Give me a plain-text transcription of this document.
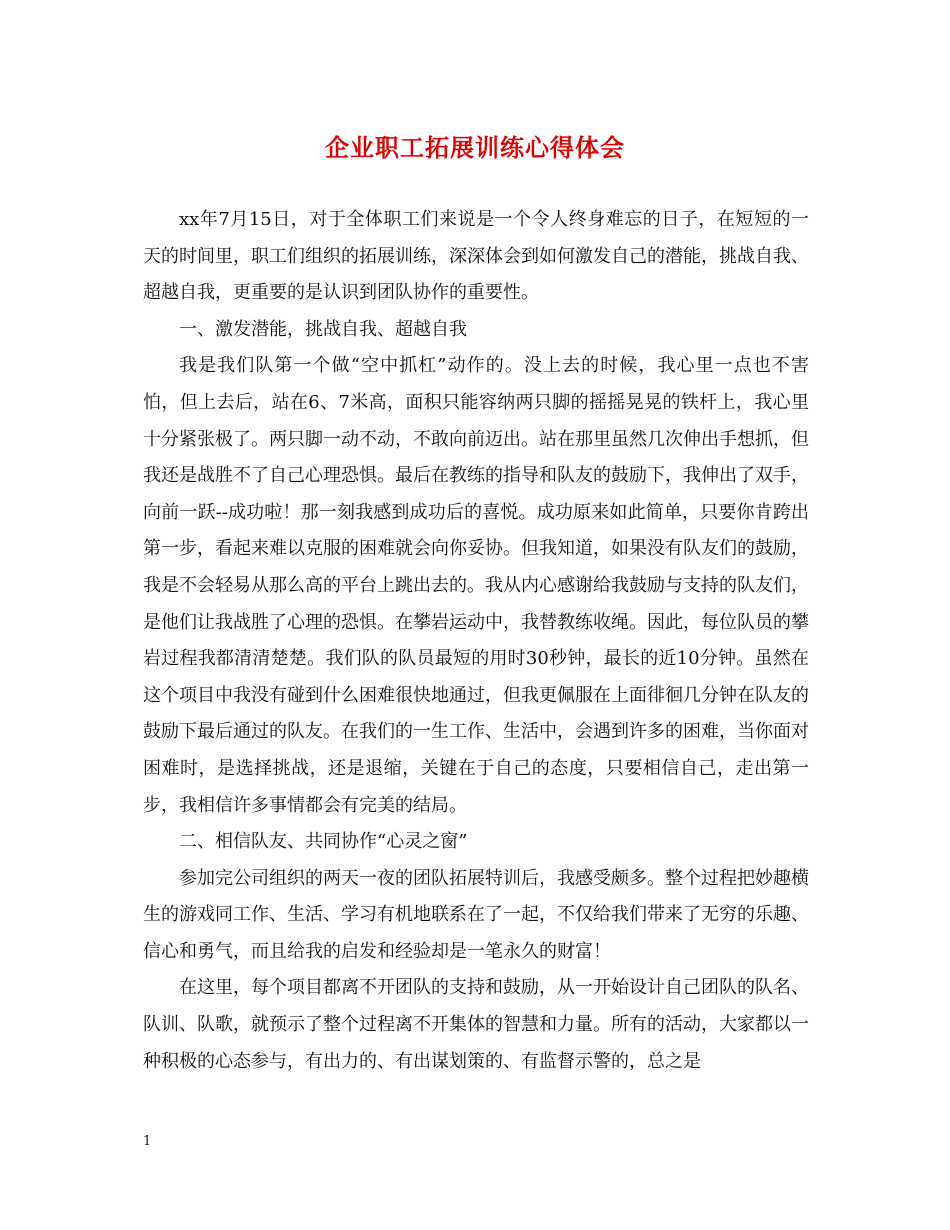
企业职工拓展训练心得体会

xx年7月15日，对于全体职工们来说是一个令人终身难忘的日子，在短短的一天的时间里，职工们组织的拓展训练，深深体会到如何激发自己的潜能，挑战自我、超越自我，更重要的是认识到团队协作的重要性。

一、激发潜能，挑战自我、超越自我

我是我们队第一个做“空中抓杠”动作的。没上去的时候，我心里一点也不害怕，但上去后，站在6、7米高，面积只能容纳两只脚的摇摇晃晃的铁杆上，我心里十分紧张极了。两只脚一动不动，不敢向前迈出。站在那里虽然几次伸出手想抓，但我还是战胜不了自己心理恐惧。最后在教练的指导和队友的鼓励下，我伸出了双手，向前一跃--成功啦！那一刻我感到成功后的喜悦。成功原来如此简单，只要你肯跨出第一步，看起来难以克服的困难就会向你妥协。但我知道，如果没有队友们的鼓励，我是不会轻易从那么高的平台上跳出去的。我从内心感谢给我鼓励与支持的队友们，是他们让我战胜了心理的恐惧。在攀岩运动中，我替教练收绳。因此，每位队员的攀岩过程我都清清楚楚。我们队的队员最短的用时30秒钟，最长的近10分钟。虽然在这个项目中我没有碰到什么困难很快地通过，但我更佩服在上面徘徊几分钟在队友的鼓励下最后通过的队友。在我们的一生工作、生活中，会遇到许多的困难，当你面对困难时，是选择挑战，还是退缩，关键在于自己的态度，只要相信自己，走出第一步，我相信许多事情都会有完美的结局。

二、相信队友、共同协作“心灵之窗”

参加完公司组织的两天一夜的团队拓展特训后，我感受颇多。整个过程把妙趣横生的游戏同工作、生活、学习有机地联系在了一起，不仅给我们带来了无穷的乐趣、信心和勇气，而且给我的启发和经验却是一笔永久的财富！

在这里，每个项目都离不开团队的支持和鼓励，从一开始设计自己团队的队名、队训、队歌，就预示了整个过程离不开集体的智慧和力量。所有的活动，大家都以一种积极的心态参与，有出力的、有出谋划策的、有监督示警的，总之是

1
